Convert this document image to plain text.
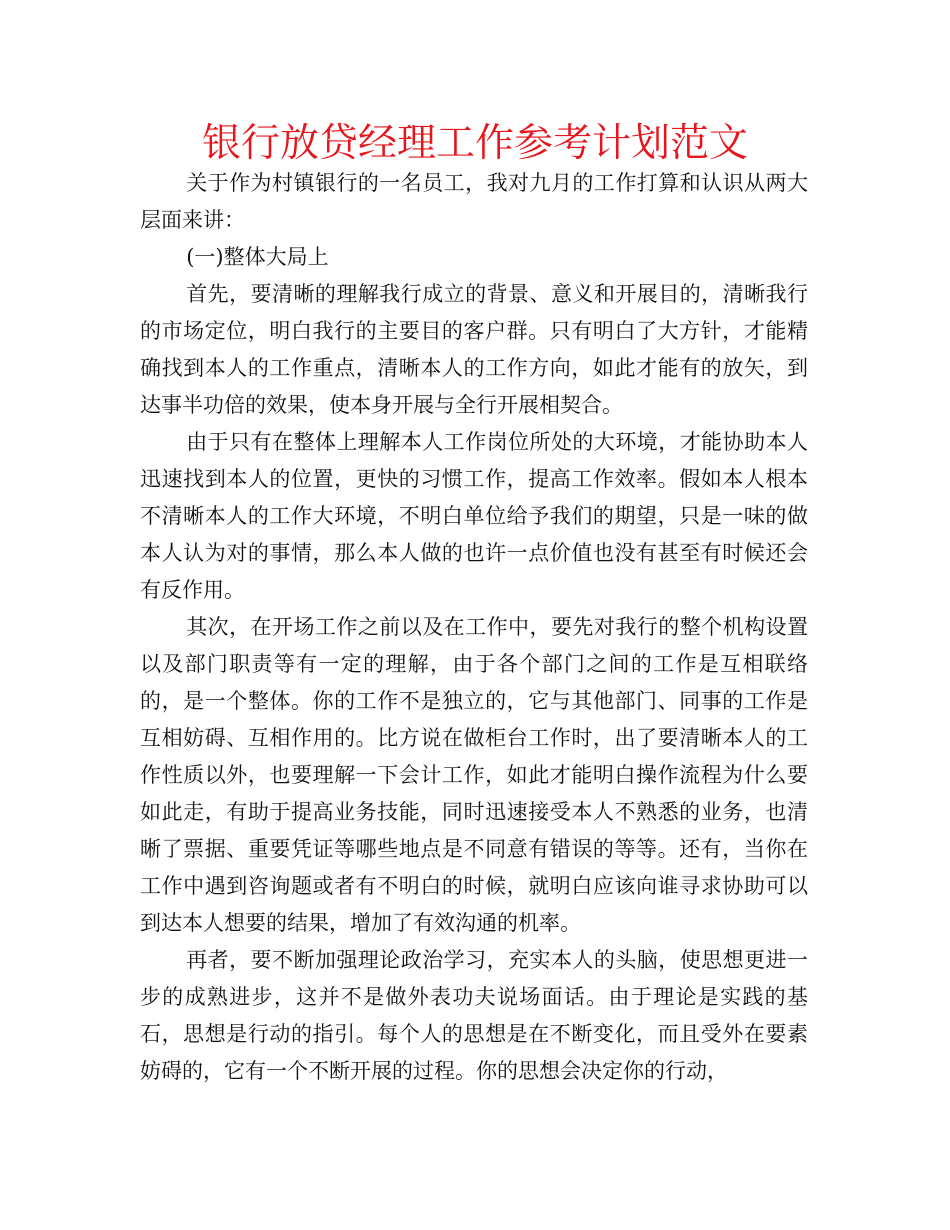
银行放贷经理工作参考计划范文

关于作为村镇银行的一名员工，我对九月的工作打算和认识从两大层面来讲：

(一)整体大局上

首先，要清晰的理解我行成立的背景、意义和开展目的，清晰我行的市场定位，明白我行的主要目的客户群。只有明白了大方针，才能精确找到本人的工作重点，清晰本人的工作方向，如此才能有的放矢，到达事半功倍的效果，使本身开展与全行开展相契合。

由于只有在整体上理解本人工作岗位所处的大环境，才能协助本人迅速找到本人的位置，更快的习惯工作，提高工作效率。假如本人根本不清晰本人的工作大环境，不明白单位给予我们的期望，只是一味的做本人认为对的事情，那么本人做的也许一点价值也没有甚至有时候还会有反作用。

其次，在开场工作之前以及在工作中，要先对我行的整个机构设置以及部门职责等有一定的理解，由于各个部门之间的工作是互相联络的，是一个整体。你的工作不是独立的，它与其他部门、同事的工作是互相妨碍、互相作用的。比方说在做柜台工作时，出了要清晰本人的工作性质以外，也要理解一下会计工作，如此才能明白操作流程为什么要如此走，有助于提高业务技能，同时迅速接受本人不熟悉的业务，也清晰了票据、重要凭证等哪些地点是不同意有错误的等等。还有，当你在工作中遇到咨询题或者有不明白的时候，就明白应该向谁寻求协助可以到达本人想要的结果，增加了有效沟通的机率。

再者，要不断加强理论政治学习，充实本人的头脑，使思想更进一步的成熟进步，这并不是做外表功夫说场面话。由于理论是实践的基石，思想是行动的指引。每个人的思想是在不断变化，而且受外在要素妨碍的，它有一个不断开展的过程。你的思想会决定你的行动，
